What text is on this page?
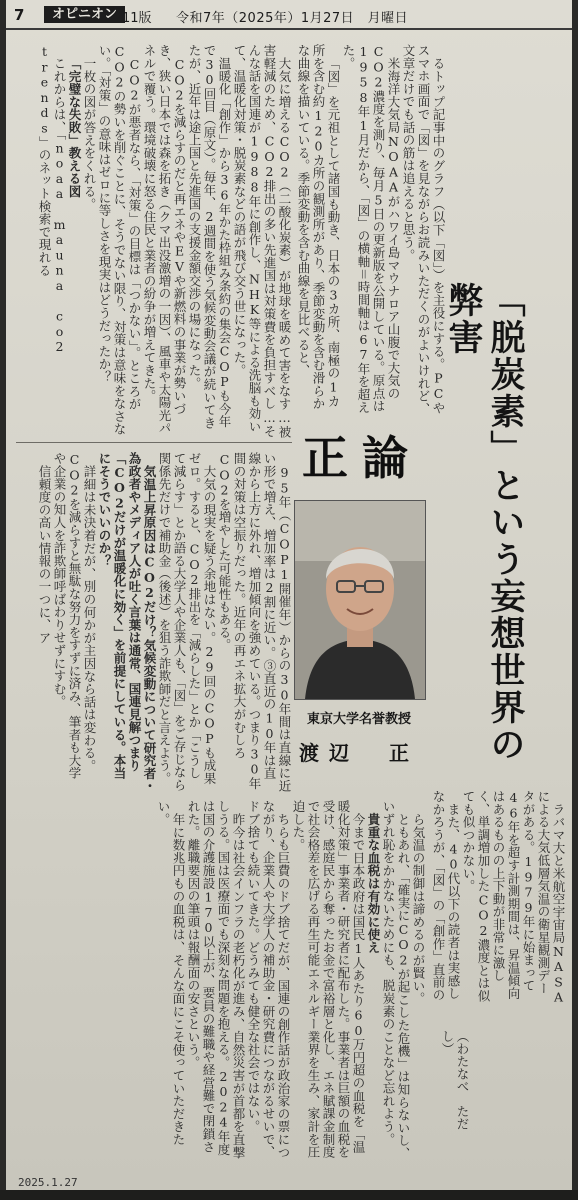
7	オピニオン 11版 令和7年（2025年）1月27日　月曜日
「脱炭素」という妄想世界の弊害

大気に増えるCO2（二酸化炭素）が地球を暖めて害をなす…被害軽減のため、CO2排出の多い先進国は対策費を負担すべし…そんな話を国連が1988年に創作し、NHK等による洗脳も効いて、温暖化対策・脱炭素などの語が飛び交う世になった。

温暖化「創作」から36年かた枠組み条約の集会COPも今年で30回目（原文）。毎年、2週間を使う気候変動会議が続いてきたが、近年は途上国と先進国の支援金額交渉の場になった。

CO2を減らすのだと再エネやEVや新燃料の事業が勢いづき、狭い日本では森を拓き（クマ出没激増の一因）、風車や太陽光パネルで覆う。環境破壊に怒る住民と業者の紛争が増えてきた。

CO2が悪者なら、「対策」の目標は「つかない」。ところがCO2の勢いを削ぐことに、そうでない限り、対策は意味をなさない。「対策」の意味はゼロに等しさを現実はどうだったか？

一枚の図が答えをくれる。

「完璧な失敗」教える図

これからは、「noaa mauna co2 trends」のネット検索で現れる	るトップ記事中のグラフ（以下「図」）を主役にする。PCやスマホ画面で「図」を見ながらお読みいただくのがよいけれど、文章だけでも話の筋は追えると思う。

米海洋大気局NOAAがハワイ島マウナロア山腹で大気のCO2濃度を測り、毎月5日の更新版を公開している。原点は1958年1月だから、「図」の横軸＝時間軸は67年を超えた。

「図」を元祖として諸国も動き、日本の3カ所、南極の1カ所を含む約120カ所の観測所があり、季節変動を含む滑らかな曲線を描いている。季節変動を含む曲線を見比べると、

95年（COP1開催年）からの30年間は直線に近い形で増え、増加率は2割に近い。③直近の10年は直線から上方に外れ、増加傾向を強めている。つまり30年間の対策は空振りだった。近年の再エネ拡大がむしろCO2を増やした可能性もある。

大気の現実を疑う余地はない。29回のCOPも成果ゼロ。すると、CO2排出を「減らした」とか「こうして減らす」とか語る大学人や企業人も、「図」をご存じなら関係先だけで補助金（後述）を狙う詐欺師だと言えよう。

気温上昇原因はCO2だけ？気候変動について研究者・為政者やメディア人が吐く言葉は通常、国連見解つまり「CO2だけが温暖化に効く」を前提にしている。本当にそうでいいのか？

詳細は未決着だが、別の何かが主因なら話は変わる。CO2を減らすと無駄な努力をすずに済み、筆者も大学や企業の知人を詐欺師呼ばわりせずにすむ。

信頼度の高い情報の一つに、ア

正論
東京大学名誉教授
渡辺　正

ラバマ大と米航空宇宙局NASAによる大気低層気温の衛星観測データがある。1979年に始まって46年を超す計測期間は、昇温傾向はあるものの上下動が非常に激しく、単調増加したCO2濃度とは似ても似つかない。

また、40代以下の読者は実感しなかろうが、「図」の「創作」直前の

ら気温の制御は諦めるのが賢い。

ともあれ、「確実にCO2が起こした危機」は知らないし、いずれ恥をかかないためにも、脱炭素のことなど忘れよう。

貴重な血税は有効に使え

今まで日本政府は国民1人あたり60万円超の血税を「温暖化対策」事業者・研究者に配布した。事業者は巨額の血税を受け、感庭民から奪ったお金で富裕層と化し、エネ賦課金制度で社会格差を広げる再生可能エネルギー業界を生み、家計を圧迫した。

ちらも巨費のドブ捨てだが、国連の創作話が政治家の票につながり、企業人や大学人の補助金・研究費につながるせいで、ドブ捨ても続いてきた。どうみても健全な社会ではない。

昨今は社会インフラの老朽化が進み、自然災害が首都を直撃しうる。国は医療面でも深刻な問題を抱える。2024年度は国の介護施設170以上が、要員の難職や経営難で閉鎖された。離職要因の筆頭は報酬面の安さという。

年に数兆円もの血税は、そんな面にこそ使っていただきたい。

（わたなべ　ただし）
2025.1.27
